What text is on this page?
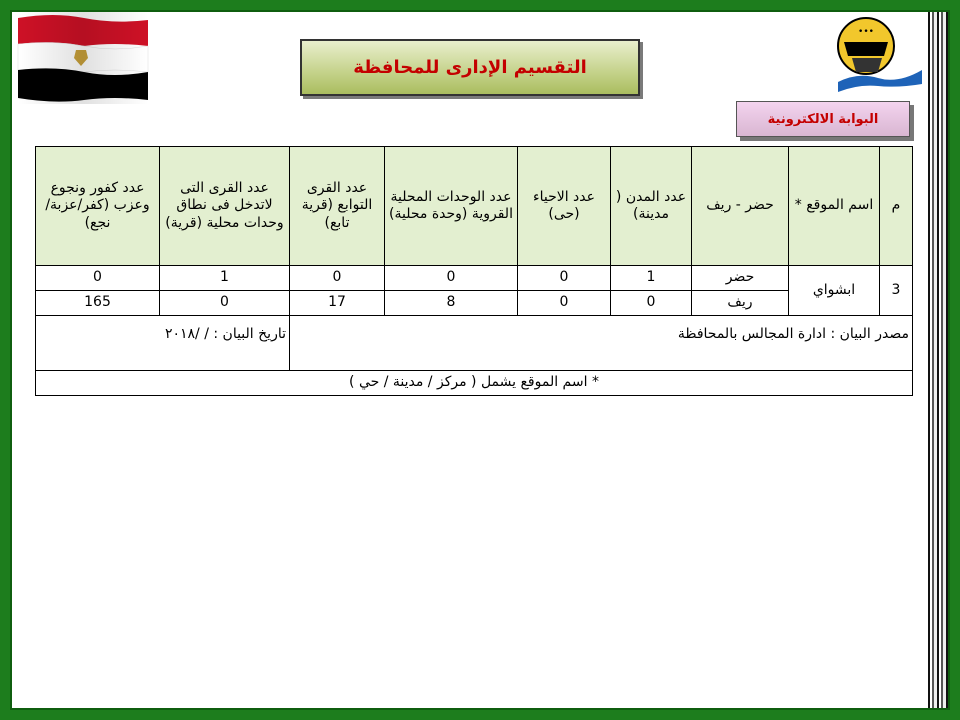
التقسيم الإدارى للمحافظة
•••
البوابة الالكترونية
م	اسم الموقع *	حضر - ريف	عدد المدن ( مدينة)	عدد الاحياء (حى)	عدد الوحدات المحلية القروية (وحدة محلية)	عدد القرى التوابع (قرية تابع)	عدد القرى التى لاتدخل فى نطاق وحدات محلية (قرية)	عدد كفور ونجوع وعزب (كفر/عزبة/نجع)
3	ابشواي	حضر	1	0	0	0	1	0
		ريف	0	0	8	17	0	165
مصدر البيان : ادارة المجالس بالمحافظة							تاريخ البيان : / /٢٠١٨	
* اسم الموقع يشمل ( مركز / مدينة / حي )								
